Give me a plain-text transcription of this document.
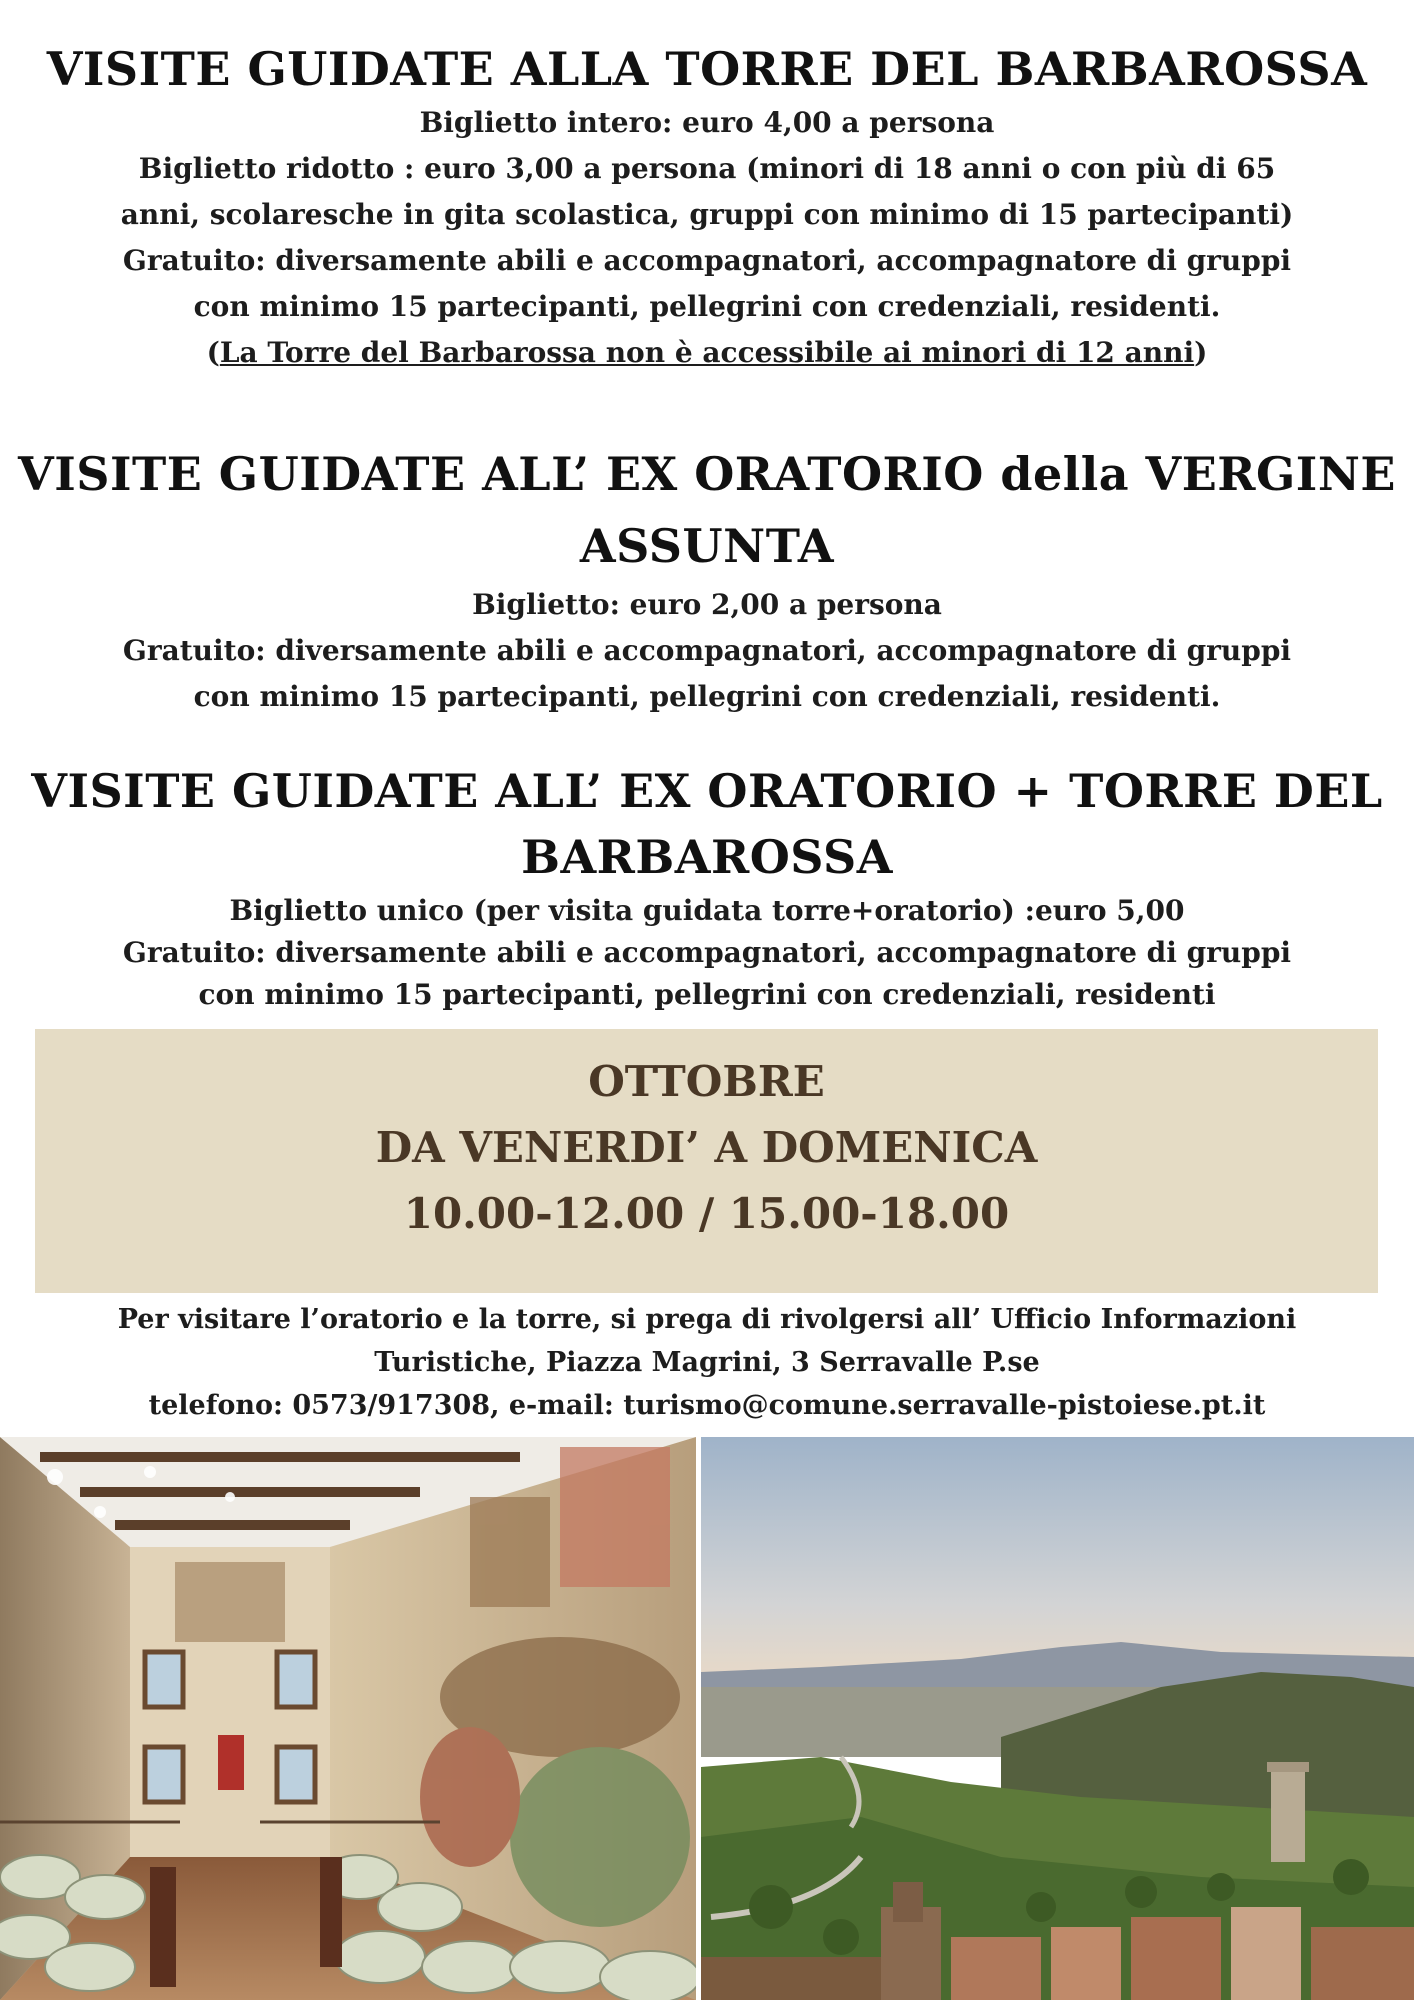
VISITE GUIDATE ALLA TORRE DEL BARBAROSSA

Biglietto intero: euro 4,00 a persona

Biglietto ridotto : euro 3,00 a persona (minori di 18 anni o con più di 65

anni, scolaresche in gita scolastica, gruppi con minimo di 15 partecipanti)

Gratuito: diversamente abili e accompagnatori, accompagnatore di gruppi

con minimo 15 partecipanti, pellegrini con credenziali, residenti.

(La Torre del Barbarossa non è accessibile ai minori di 12 anni)

VISITE GUIDATE ALL’ EX ORATORIO della VERGINE
ASSUNTA

Biglietto: euro 2,00 a persona

Gratuito: diversamente abili e accompagnatori, accompagnatore di gruppi

con minimo 15 partecipanti, pellegrini con credenziali, residenti.

VISITE GUIDATE ALL’ EX ORATORIO + TORRE DEL
BARBAROSSA

Biglietto unico (per visita guidata torre+oratorio) :euro 5,00

Gratuito: diversamente abili e accompagnatori, accompagnatore di gruppi

con minimo 15 partecipanti, pellegrini con credenziali, residenti

OTTOBRE

DA VENERDI’ A DOMENICA

10.00-12.00 / 15.00-18.00

Per visitare l’oratorio e la torre, si prega di rivolgersi all’ Ufficio Informazioni

Turistiche, Piazza Magrini, 3 Serravalle P.se

telefono: 0573/917308, e-mail: turismo@comune.serravalle-pistoiese.pt.it
